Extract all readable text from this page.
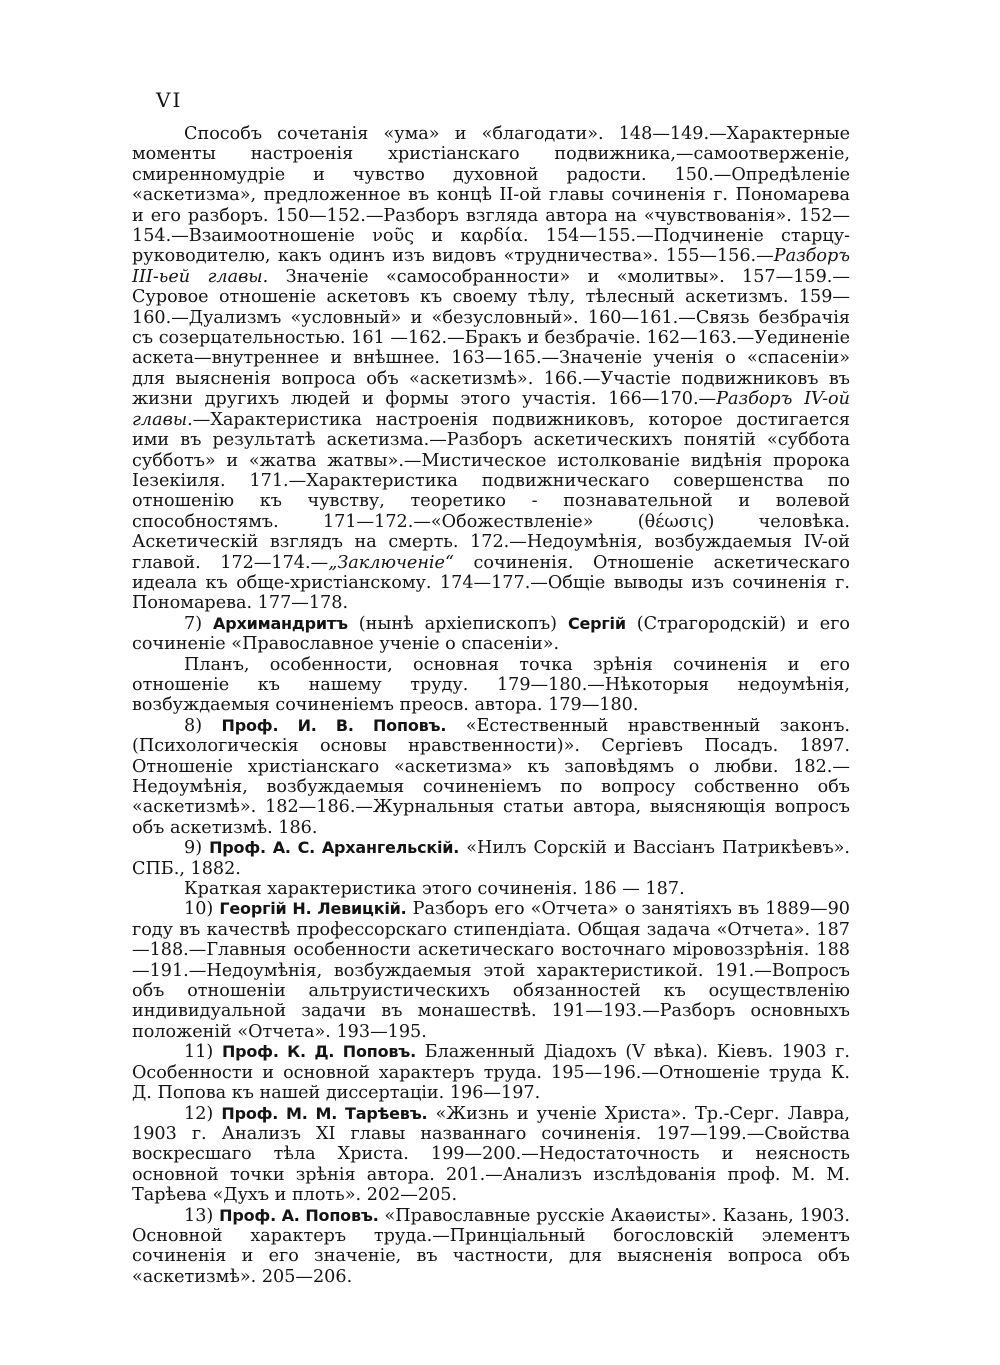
VI

Способъ сочетанія «ума» и «благодати». 148—149.—Характерные моменты настроенія христіанскаго подвижника,—самоотверженіе, смиренномудріе и чувство духовной радости. 150.—Опредѣленіе «аскетизма», предложенное въ концѣ II-ой главы сочиненія г. Пономарева и его разборъ. 150—152.—Разборъ взгляда автора на «чувствованія». 152—154.—Взаимоотношеніе νοῦς и καρδία. 154—155.—Подчиненіе старцу-руководителю, какъ одинъ изъ видовъ «трудничества». 155—156.—Разборъ III-ьей главы. Значеніе «самособранности» и «молитвы». 157—159.—Суровое отношеніе аскетовъ къ своему тѣлу, тѣлесный аскетизмъ. 159—160.—Дуализмъ «условный» и «безусловный». 160—161.—Связь безбрачія съ созерцательностью. 161 —162.—Бракъ и безбрачіе. 162—163.—Уединеніе аскета—внутреннее и внѣшнее. 163—165.—Значеніе ученія о «спасеніи» для выясненія вопроса объ «аскетизмѣ». 166.—Участіе подвижниковъ въ жизни другихъ людей и формы этого участія. 166—170.—Разборъ IV-ой главы.—Характеристика настроенія подвижниковъ, которое достигается ими въ результатѣ аскетизма.—Разборъ аскетическихъ понятій «суббота субботъ» и «жатва жатвы».—Мистическое истолкованіе видѣнія пророка Іезекіиля. 171.—Характеристика подвижническаго совершенства по отношенію къ чувству, теоретико - познавательной и волевой способностямъ. 171—172.—«Обожествленіе» (θέωσις) человѣка. Аскетическій взглядъ на смерть. 172.—Недоумѣнія, возбуждаемыя IV-ой главой. 172—174.—„Заключеніе“ сочиненія. Отношеніе аскетическаго идеала къ обще-христіанскому. 174—177.—Общіе выводы изъ сочиненія г. Пономарева. 177—178.

7) Архимандритъ (нынѣ архіепископъ) Сергій (Страгородскій) и его сочиненіе «Православное ученіе о спасеніи».

Планъ, особенности, основная точка зрѣнія сочиненія и его отношеніе къ нашему труду. 179—180.—Нѣкоторыя недоумѣнія, возбуждаемыя сочиненіемъ преосв. автора. 179—180.

8) Проф. И. В. Поповъ. «Естественный нравственный законъ. (Психологическія основы нравственности)». Сергіевъ Посадъ. 1897. Отношеніе христіанскаго «аскетизма» къ заповѣдямъ о любви. 182.—Недоумѣнія, возбуждаемыя сочиненіемъ по вопросу собственно объ «аскетизмѣ». 182—186.—Журнальныя статьи автора, выясняющія вопросъ объ аскетизмѣ. 186.

9) Проф. А. С. Архангельскій. «Нилъ Сорскій и Вассіанъ Патрикѣевъ». СПБ., 1882.

Краткая характеристика этого сочиненія. 186 — 187.

10) Георгій Н. Левицкій. Разборъ его «Отчета» о занятіяхъ въ 1889—90 году въ качествѣ профессорскаго стипендіата. Общая задача «Отчета». 187—188.—Главныя особенности аскетическаго восточнаго міровоззрѣнія. 188—191.—Недоумѣнія, возбуждаемыя этой характеристикой. 191.—Вопросъ объ отношеніи альтруистическихъ обязанностей къ осуществленію индивидуальной задачи въ монашествѣ. 191—193.—Разборъ основныхъ положеній «Отчета». 193—195.

11) Проф. К. Д. Поповъ. Блаженный Діадохъ (V вѣка). Кіевъ. 1903 г. Особенности и основной характеръ труда. 195—196.—Отношеніе труда К. Д. Попова къ нашей диссертаціи. 196—197.

12) Проф. М. М. Тарѣевъ. «Жизнь и ученіе Христа». Тр.-Серг. Лавра, 1903 г. Анализъ XI главы названнаго сочиненія. 197—199.—Свойства воскресшаго тѣла Христа. 199—200.—Недостаточность и неясность основной точки зрѣнія автора. 201.—Анализъ изслѣдованія проф. М. М. Тарѣева «Духъ и плоть». 202—205.

13) Проф. А. Поповъ. «Православные русскіе Акаѳисты». Казань, 1903. Основной характеръ труда.—Принціальный богословскій элементъ сочиненія и его значеніе, въ частности, для выясненія вопроса объ «аскетизмѣ». 205—206.
